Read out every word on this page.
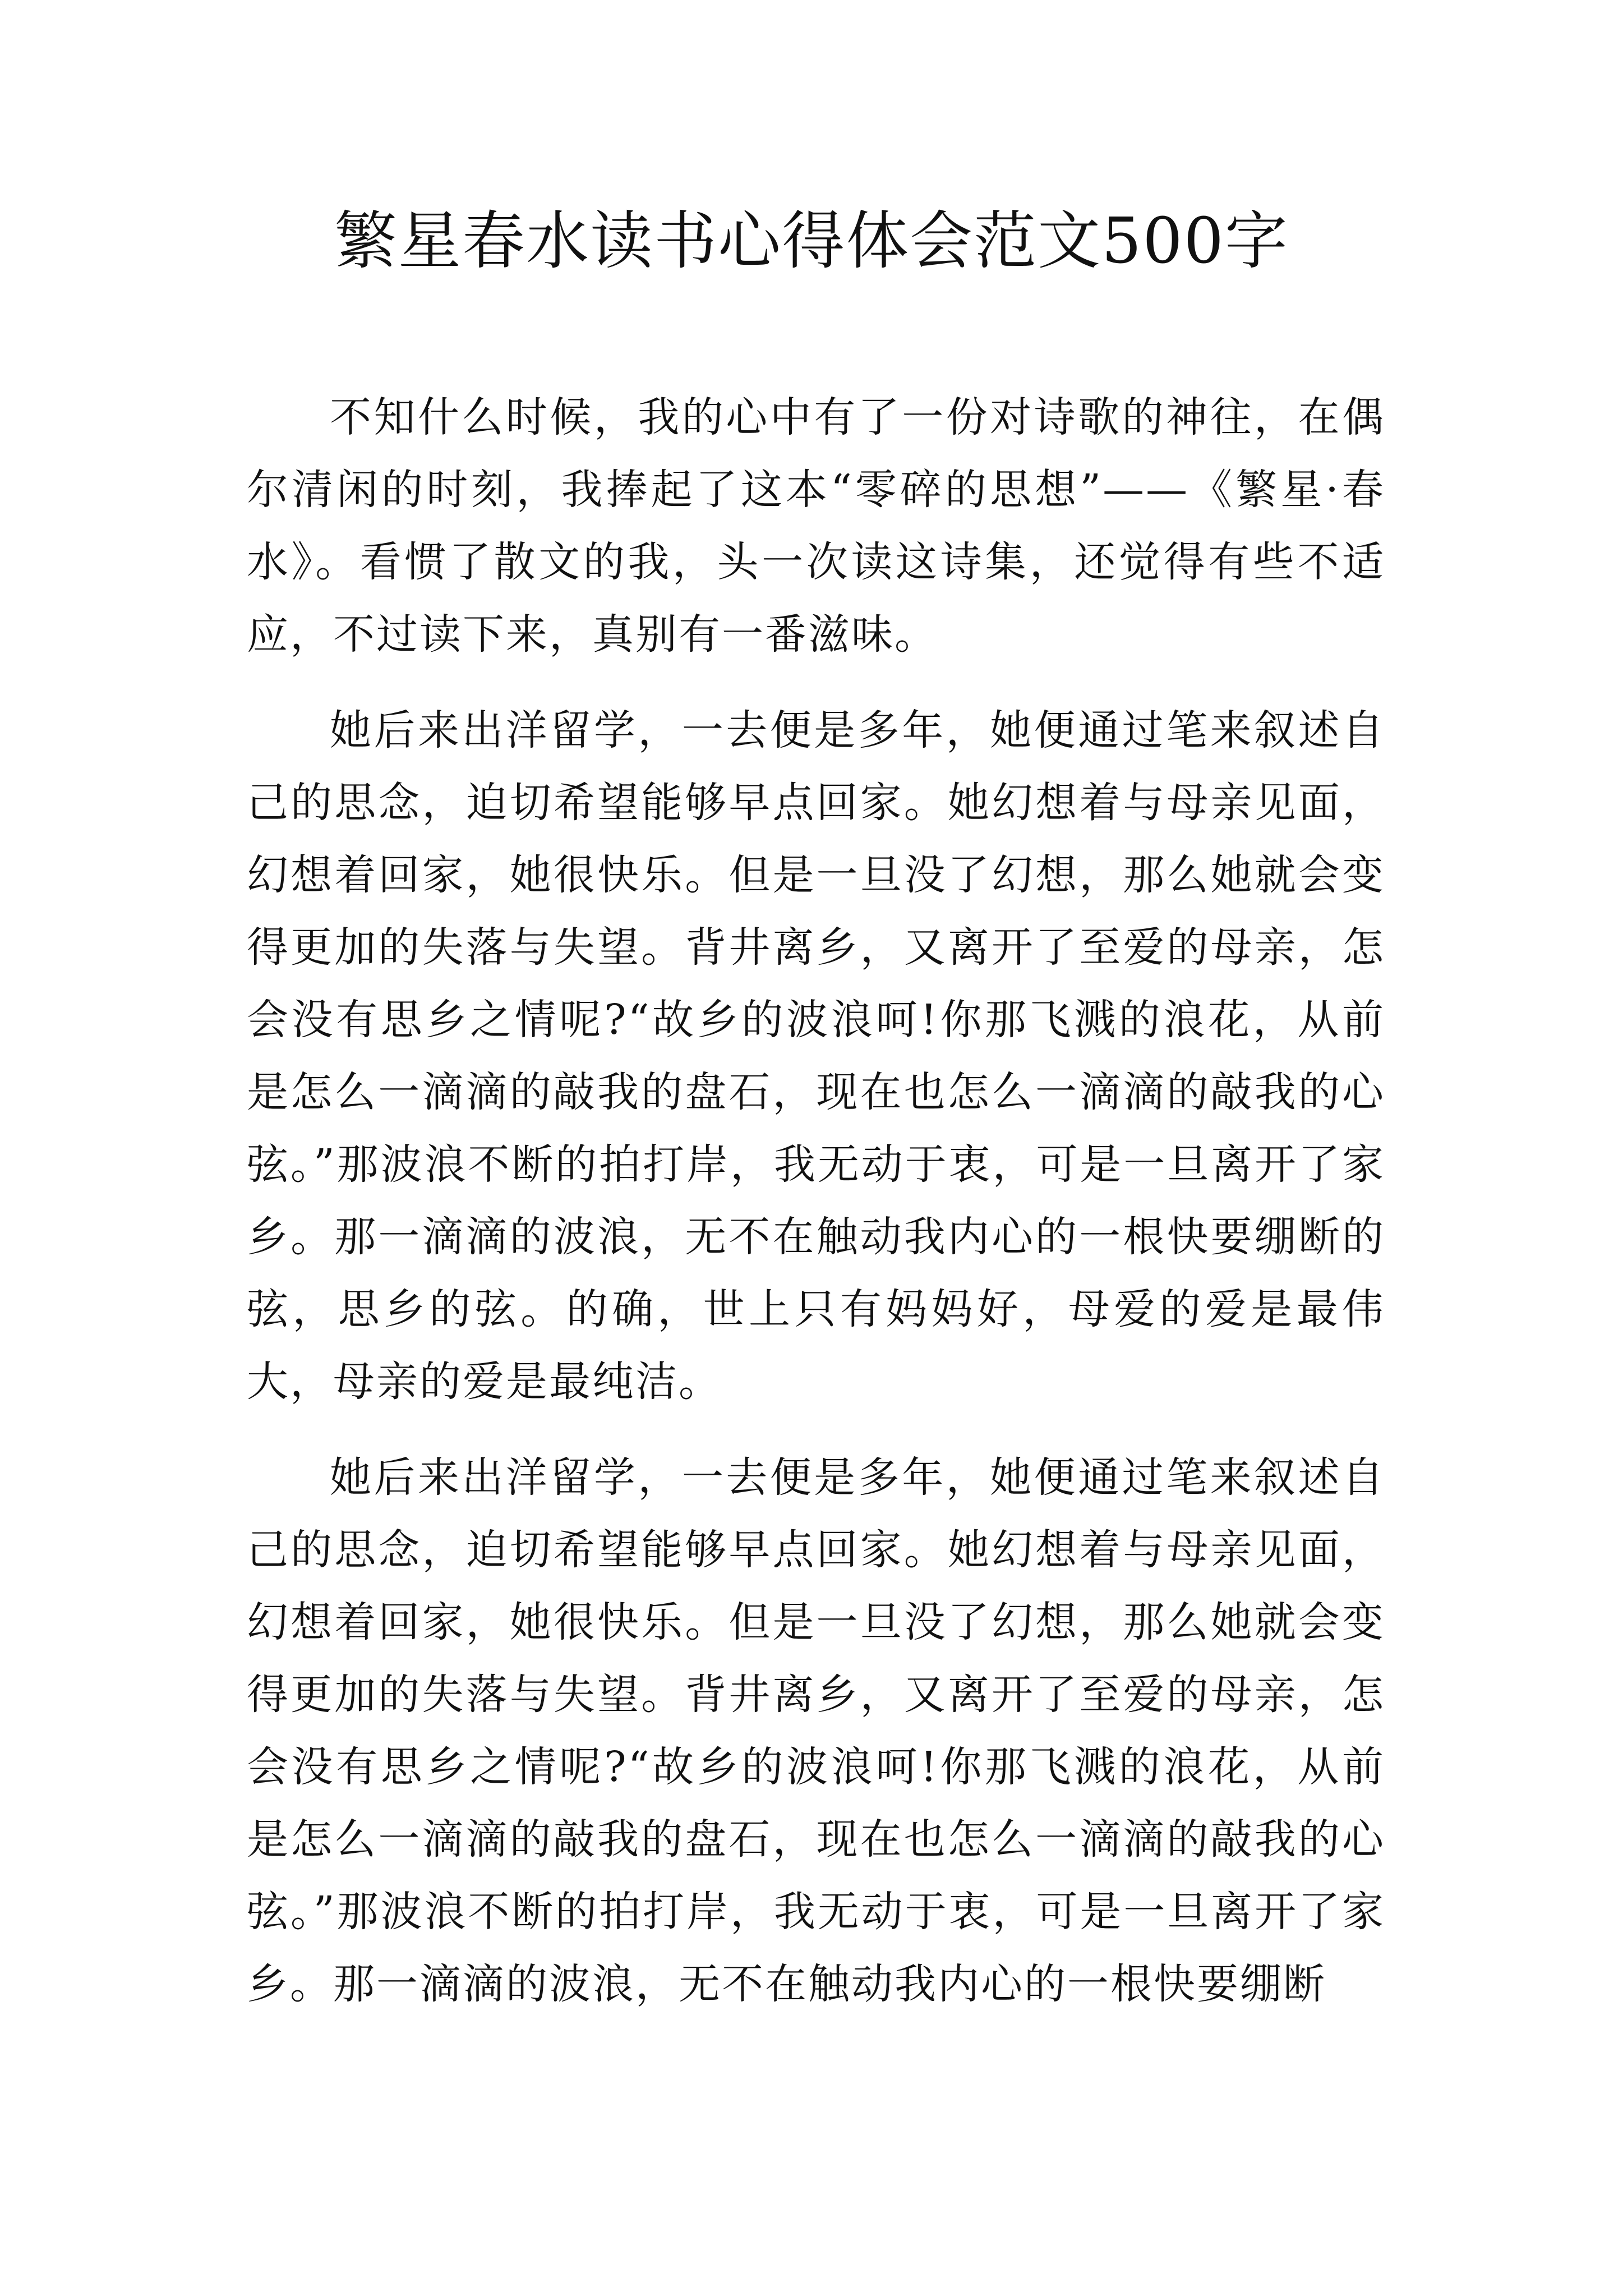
繁星春水读书心得体会范文500字

不知什么时候，我的心中有了一份对诗歌的神往，在偶尔清闲的时刻，我捧起了这本“零碎的思想”——《繁星·春水》。看惯了散文的我，头一次读这诗集，还觉得有些不适应，不过读下来，真别有一番滋味。

她后来出洋留学，一去便是多年，她便通过笔来叙述自己的思念，迫切希望能够早点回家。她幻想着与母亲见面，幻想着回家，她很快乐。但是一旦没了幻想，那么她就会变得更加的失落与失望。背井离乡，又离开了至爱的母亲，怎会没有思乡之情呢?“故乡的波浪呵!你那飞溅的浪花，从前是怎么一滴滴的敲我的盘石，现在也怎么一滴滴的敲我的心弦。”那波浪不断的拍打岸，我无动于衷，可是一旦离开了家乡。那一滴滴的波浪，无不在触动我内心的一根快要绷断的弦，思乡的弦。的确，世上只有妈妈好，母爱的爱是最伟大，母亲的爱是最纯洁。

她后来出洋留学，一去便是多年，她便通过笔来叙述自己的思念，迫切希望能够早点回家。她幻想着与母亲见面，幻想着回家，她很快乐。但是一旦没了幻想，那么她就会变得更加的失落与失望。背井离乡，又离开了至爱的母亲，怎会没有思乡之情呢?“故乡的波浪呵!你那飞溅的浪花，从前是怎么一滴滴的敲我的盘石，现在也怎么一滴滴的敲我的心弦。”那波浪不断的拍打岸，我无动于衷，可是一旦离开了家乡。那一滴滴的波浪，无不在触动我内心的一根快要绷断
